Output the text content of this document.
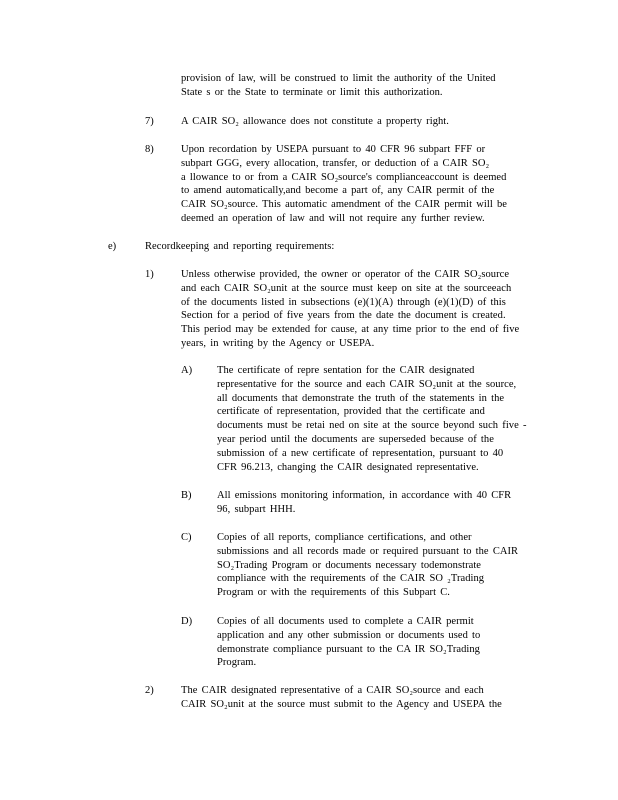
provision of law, will be construed to limit the authority of the United
State s or the State to terminate or limit this authorization.
7)	A CAIR SO₂ allowance does not constitute a property right.
8)	Upon recordation by USEPA pursuant to 40 CFR 96 subpart FFF or
subpart GGG, every allocation, transfer, or deduction of a CAIR SO₂
a llowance to or from a CAIR SO₂source's complianceaccount is deemed
to amend automatically,and become a part of, any CAIR permit of the
CAIR SO₂source. This automatic amendment of the CAIR permit will be
deemed an operation of law and will not require any further review.
e)	Recordkeeping and reporting requirements:
1)	Unless otherwise provided, the owner or operator of the CAIR SO₂source
and each CAIR SO₂unit at the source must keep on site at the sourceeach
of the documents listed in subsections (e)(1)(A) through (e)(1)(D) of this
Section for a period of five years from the date the document is created.
This period may be extended for cause, at any time prior to the end of five
years, in writing by the Agency or USEPA.
A) The certificate of repre sentation for the CAIR designated
representative for the source and each CAIR SO₂unit at the source,
all documents that demonstrate the truth of the statements in the
certificate of representation, provided that the certificate and
documents must be retai ned on site at the source beyond such five -
year period until the documents are superseded because of the
submission of a new certificate of representation, pursuant to 40
CFR 96.213, changing the CAIR designated representative.
B) All emissions monitoring information, in accordance with 40 CFR
96, subpart HHH.
C) Copies of all reports, compliance certifications, and other
submissions and all records made or required pursuant to the CAIR
SO₂Trading Program or documents necessary todemonstrate
compliance with the requirements of the CAIR SO ₂Trading
Program or with the requirements of this Subpart C.
D) Copies of all documents used to complete a CAIR permit
application and any other submission or documents used to
demonstrate compliance pursuant to the CA IR SO₂Trading
Program.
2)	The CAIR designated representative of a CAIR SO₂source and each
CAIR SO₂unit at the source must submit to the Agency and USEPA the
